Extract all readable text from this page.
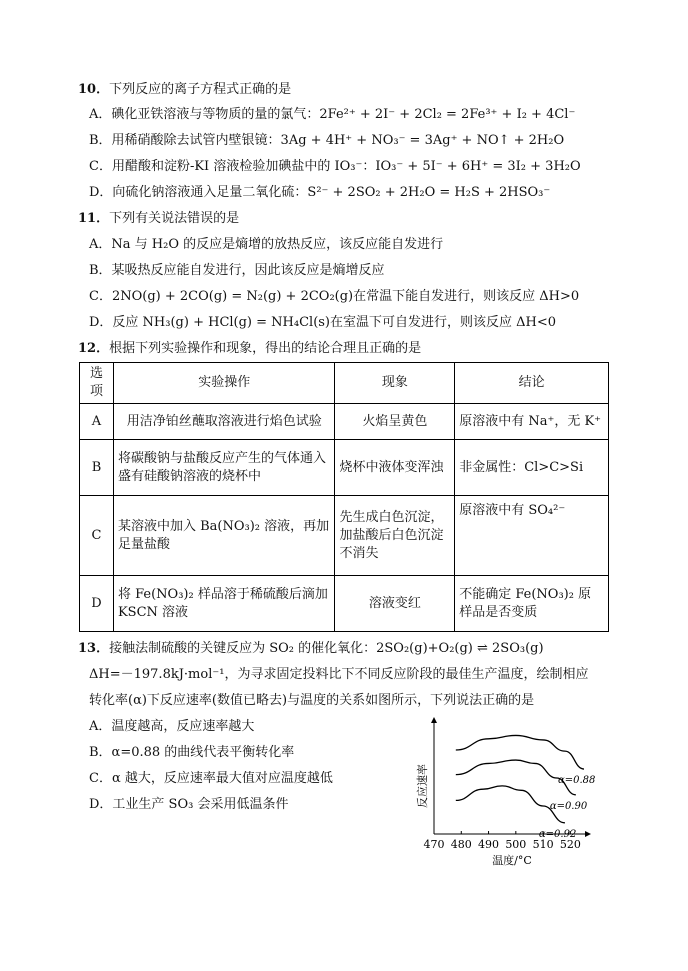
10．下列反应的离子方程式正确的是
A．碘化亚铁溶液与等物质的量的氯气：2Fe²⁺ + 2I⁻ + 2Cl₂ = 2Fe³⁺ + I₂ + 4Cl⁻
B．用稀硝酸除去试管内壁银镜：3Ag + 4H⁺ + NO₃⁻ = 3Ag⁺ + NO↑ + 2H₂O
C．用醋酸和淀粉-KI 溶液检验加碘盐中的 IO₃⁻：IO₃⁻ + 5I⁻ + 6H⁺ = 3I₂ + 3H₂O
D．向硫化钠溶液通入足量二氧化硫：S²⁻ + 2SO₂ + 2H₂O = H₂S + 2HSO₃⁻
11．下列有关说法错误的是
A．Na 与 H₂O 的反应是熵增的放热反应，该反应能自发进行
B．某吸热反应能自发进行，因此该反应是熵增反应
C．2NO(g) + 2CO(g) = N₂(g) + 2CO₂(g)在常温下能自发进行，则该反应 ΔH>0
D．反应 NH₃(g) + HCl(g) = NH₄Cl(s)在室温下可自发进行，则该反应 ΔH<0
12．根据下列实验操作和现象，得出的结论合理且正确的是
选项	实验操作	现象	结论
A	用洁净铂丝蘸取溶液进行焰色试验	火焰呈黄色	原溶液中有 Na⁺，无 K⁺
B	将碳酸钠与盐酸反应产生的气体通入盛有硅酸钠溶液的烧杯中	烧杯中液体变浑浊	非金属性：Cl>C>Si
C	某溶液中加入 Ba(NO₃)₂ 溶液，再加足量盐酸	先生成白色沉淀，加盐酸后白色沉淀不消失	原溶液中有 SO₄²⁻
D	将 Fe(NO₃)₂ 样品溶于稀硫酸后滴加 KSCN 溶液	溶液变红	不能确定 Fe(NO₃)₂ 原样品是否变质
13．接触法制硫酸的关键反应为 SO₂ 的催化氧化：2SO₂(g)+O₂(g) ⇌ 2SO₃(g)
ΔH=－197.8kJ·mol⁻¹，为寻求固定投料比下不同反应阶段的最佳生产温度，绘制相应
转化率(α)下反应速率(数值已略去)与温度的关系如图所示，下列说法正确的是
A．温度越高，反应速率越大
B．α=0.88 的曲线代表平衡转化率
C．α 越大，反应速率最大值对应温度越低
D．工业生产 SO₃ 会采用低温条件	反应速率
温度/°C
470 480 490 500 510 520
α=0.88
α=0.90
α=0.92
